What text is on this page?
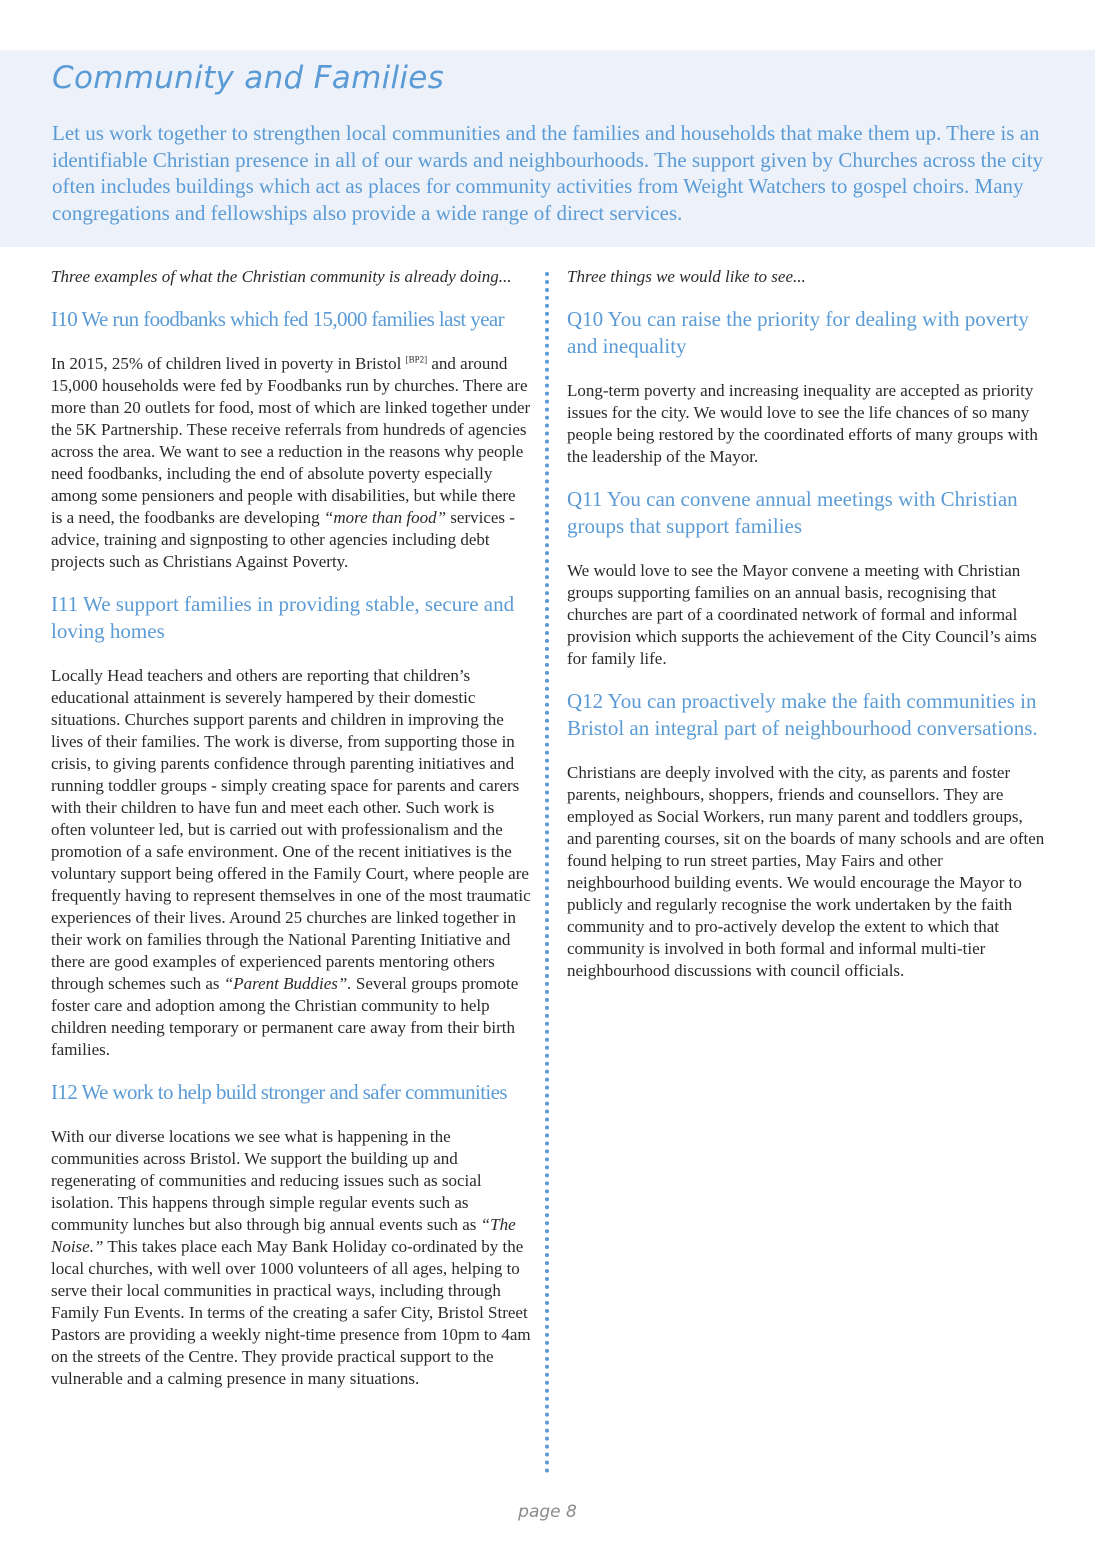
Community and Families

Let us work together to strengthen local communities and the families and households that make them up. There is an identifiable Christian presence in all of our wards and neighbourhoods. The support given by Churches across the city often includes buildings which act as places for community activities from Weight Watchers to gospel choirs. Many congregations and fellowships also provide a wide range of direct services.

Three examples of what the Christian community is already doing...

I10 We run foodbanks which fed 15,000 families last year

In 2015, 25% of children lived in poverty in Bristol [BP2] and around 15,000 households were fed by Foodbanks run by churches. There are more than 20 outlets for food, most of which are linked together under the 5K Partnership. These receive referrals from hundreds of agencies across the area. We want to see a reduction in the reasons why people need foodbanks, including the end of absolute poverty especially among some pensioners and people with disabilities, but while there is a need, the foodbanks are developing “more than food” services - advice, training and signposting to other agencies including debt projects such as Christians Against Poverty.

I11 We support families in providing stable, secure and loving homes

Locally Head teachers and others are reporting that children’s educational attainment is severely hampered by their domestic situations. Churches support parents and children in improving the lives of their families. The work is diverse, from supporting those in crisis, to giving parents confidence through parenting initiatives and running toddler groups - simply creating space for parents and carers with their children to have fun and meet each other. Such work is often volunteer led, but is carried out with professionalism and the promotion of a safe environment. One of the recent initiatives is the voluntary support being offered in the Family Court, where people are frequently having to represent themselves in one of the most traumatic experiences of their lives. Around 25 churches are linked together in their work on families through the National Parenting Initiative and there are good examples of experienced parents mentoring others through schemes such as “Parent Buddies”. Several groups promote foster care and adoption among the Christian community to help children needing temporary or permanent care away from their birth families.

I12 We work to help build stronger and safer communities

With our diverse locations we see what is happening in the communities across Bristol. We support the building up and regenerating of communities and reducing issues such as social isolation. This happens through simple regular events such as community lunches but also through big annual events such as “The Noise.” This takes place each May Bank Holiday co-ordinated by the local churches, with well over 1000 volunteers of all ages, helping to serve their local communities in practical ways, including through Family Fun Events. In terms of the creating a safer City, Bristol Street Pastors are providing a weekly night-time presence from 10pm to 4am on the streets of the Centre. They provide practical support to the vulnerable and a calming presence in many situations.

Three things we would like to see...

Q10 You can raise the priority for dealing with poverty and inequality

Long-term poverty and increasing inequality are accepted as priority issues for the city. We would love to see the life chances of so many people being restored by the coordinated efforts of many groups with the leadership of the Mayor.

Q11 You can convene annual meetings with Christian groups that support families

We would love to see the Mayor convene a meeting with Christian groups supporting families on an annual basis, recognising that churches are part of a coordinated network of formal and informal provision which supports the achievement of the City Council’s aims for family life.

Q12 You can proactively make the faith communities in Bristol an integral part of neighbourhood conversations.

Christians are deeply involved with the city, as parents and foster parents, neighbours, shoppers, friends and counsellors. They are employed as Social Workers, run many parent and toddlers groups, and parenting courses, sit on the boards of many schools and are often found helping to run street parties, May Fairs and other neighbourhood building events. We would encourage the Mayor to publicly and regularly recognise the work undertaken by the faith community and to pro-actively develop the extent to which that community is involved in both formal and informal multi-tier neighbourhood discussions with council officials.

page 8
